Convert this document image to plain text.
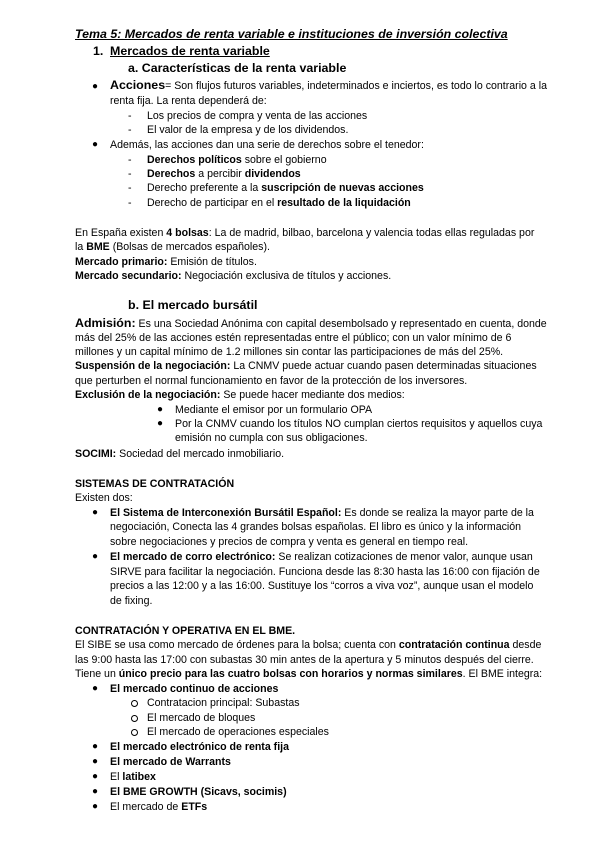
Tema 5: Mercados de renta variable e instituciones de inversión colectiva
1. Mercados de renta variable
a. Características de la renta variable
● Acciones= Son flujos futuros variables, indeterminados e inciertos, es todo lo contrario a la
renta fija. La renta dependerá de:
- Los precios de compra y venta de las acciones
- El valor de la empresa y de los dividendos.
● Además, las acciones dan una serie de derechos sobre el tenedor:
- Derechos políticos sobre el gobierno
- Derechos a percibir dividendos
- Derecho preferente a la suscripción de nuevas acciones
- Derecho de participar en el resultado de la liquidación
En España existen 4 bolsas: La de madrid, bilbao, barcelona y valencia todas ellas reguladas por
la BME (Bolsas de mercados españoles).
Mercado primario: Emisión de títulos.
Mercado secundario: Negociación exclusiva de títulos y acciones.
b. El mercado bursátil
Admisión: Es una Sociedad Anónima con capital desembolsado y representado en cuenta, donde
más del 25% de las acciones estén representadas entre el público; con un valor mínimo de 6
millones y un capital mínimo de 1.2 millones sin contar las participaciones de más del 25%.
Suspensión de la negociación: La CNMV puede actuar cuando pasen determinadas situaciones
que perturben el normal funcionamiento en favor de la protección de los inversores.
Exclusión de la negociación: Se puede hacer mediante dos medios:
● Mediante el emisor por un formulario OPA
● Por la CNMV cuando los títulos NO cumplan ciertos requisitos y aquellos cuya
emisión no cumpla con sus obligaciones.
SOCIMI: Sociedad del mercado inmobiliario.
SISTEMAS DE CONTRATACIÓN
Existen dos:
● El Sistema de Interconexión Bursátil Español: Es donde se realiza la mayor parte de la
negociación, Conecta las 4 grandes bolsas españolas. El libro es único y la información
sobre negociaciones y precios de compra y venta es general en tiempo real.
● El mercado de corro electrónico: Se realizan cotizaciones de menor valor, aunque usan
SIRVE para facilitar la negociación. Funciona desde las 8:30 hasta las 16:00 con fijación de
precios a las 12:00 y a las 16:00. Sustituye los “corros a viva voz”, aunque usan el modelo
de fixing.
CONTRATACIÓN Y OPERATIVA EN EL BME.
El SIBE se usa como mercado de órdenes para la bolsa; cuenta con contratación continua desde
las 9:00 hasta las 17:00 con subastas 30 min antes de la apertura y 5 minutos después del cierre.
Tiene un único precio para las cuatro bolsas con horarios y normas similares. El BME integra:
● El mercado continuo de acciones
Contratacion principal: Subastas
El mercado de bloques
El mercado de operaciones especiales
● El mercado electrónico de renta fija
● El mercado de Warrants
● El latibex
● El BME GROWTH (Sicavs, socimis)
● El mercado de ETFs
